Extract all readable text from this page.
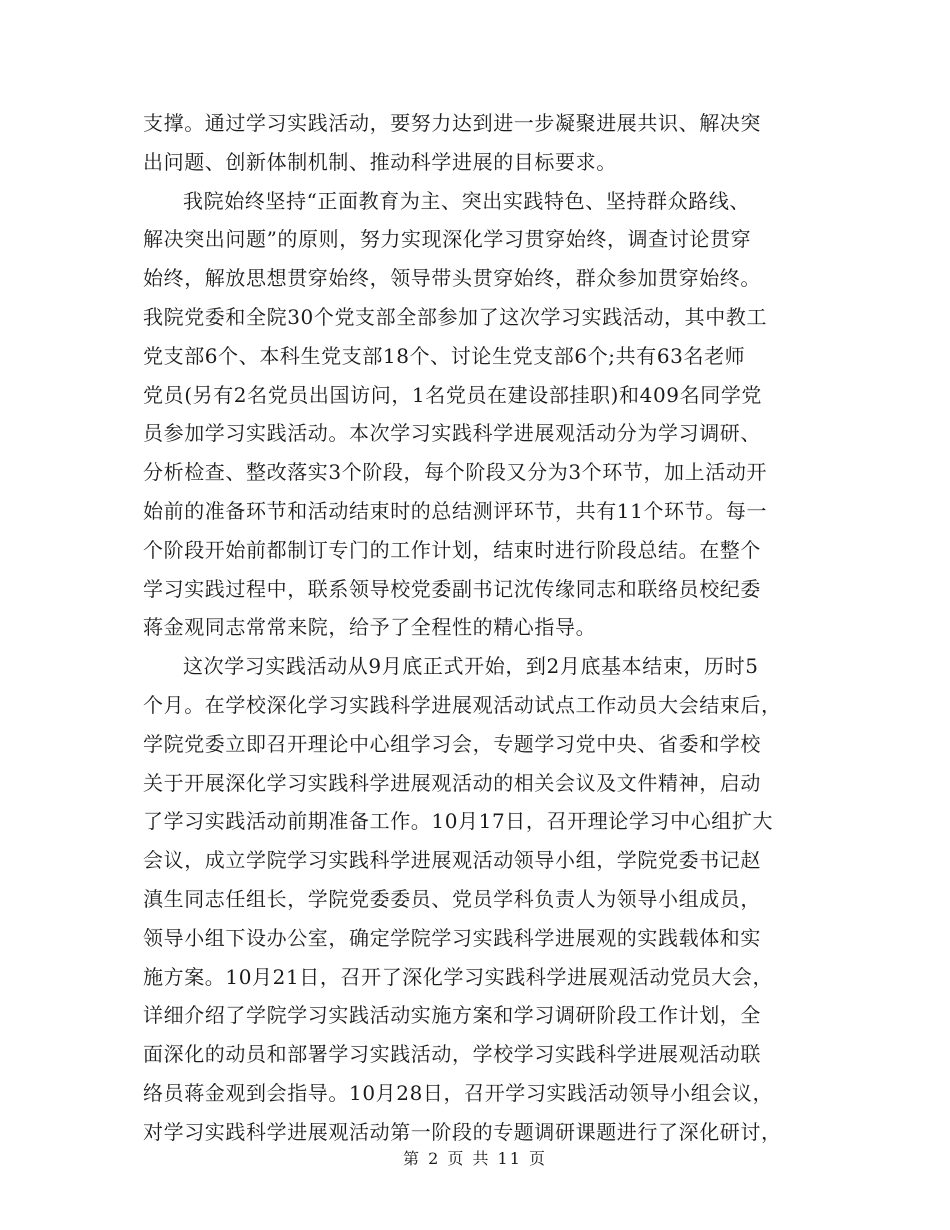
支撑。通过学习实践活动，要努力达到进一步凝聚进展共识、解决突
出问题、创新体制机制、推动科学进展的目标要求。
我院始终坚持“正面教育为主、突出实践特色、坚持群众路线、
解决突出问题”的原则，努力实现深化学习贯穿始终，调查讨论贯穿
始终，解放思想贯穿始终，领导带头贯穿始终，群众参加贯穿始终。
我院党委和全院30个党支部全部参加了这次学习实践活动，其中教工
党支部6个、本科生党支部18个、讨论生党支部6个;共有63名老师
党员(另有2名党员出国访问，1名党员在建设部挂职)和409名同学党
员参加学习实践活动。本次学习实践科学进展观活动分为学习调研、
分析检查、整改落实3个阶段，每个阶段又分为3个环节，加上活动开
始前的准备环节和活动结束时的总结测评环节，共有11个环节。每一
个阶段开始前都制订专门的工作计划，结束时进行阶段总结。在整个
学习实践过程中，联系领导校党委副书记沈传缘同志和联络员校纪委
蒋金观同志常常来院，给予了全程性的精心指导。
这次学习实践活动从9月底正式开始，到2月底基本结束，历时5
个月。在学校深化学习实践科学进展观活动试点工作动员大会结束后，
学院党委立即召开理论中心组学习会，专题学习党中央、省委和学校
关于开展深化学习实践科学进展观活动的相关会议及文件精神，启动
了学习实践活动前期准备工作。10月17日，召开理论学习中心组扩大
会议，成立学院学习实践科学进展观活动领导小组，学院党委书记赵
滇生同志任组长，学院党委委员、党员学科负责人为领导小组成员，
领导小组下设办公室，确定学院学习实践科学进展观的实践载体和实
施方案。10月21日，召开了深化学习实践科学进展观活动党员大会，
详细介绍了学院学习实践活动实施方案和学习调研阶段工作计划，全
面深化的动员和部署学习实践活动，学校学习实践科学进展观活动联
络员蒋金观到会指导。10月28日，召开学习实践活动领导小组会议，
对学习实践科学进展观活动第一阶段的专题调研课题进行了深化研讨，
第 2 页 共 11 页
